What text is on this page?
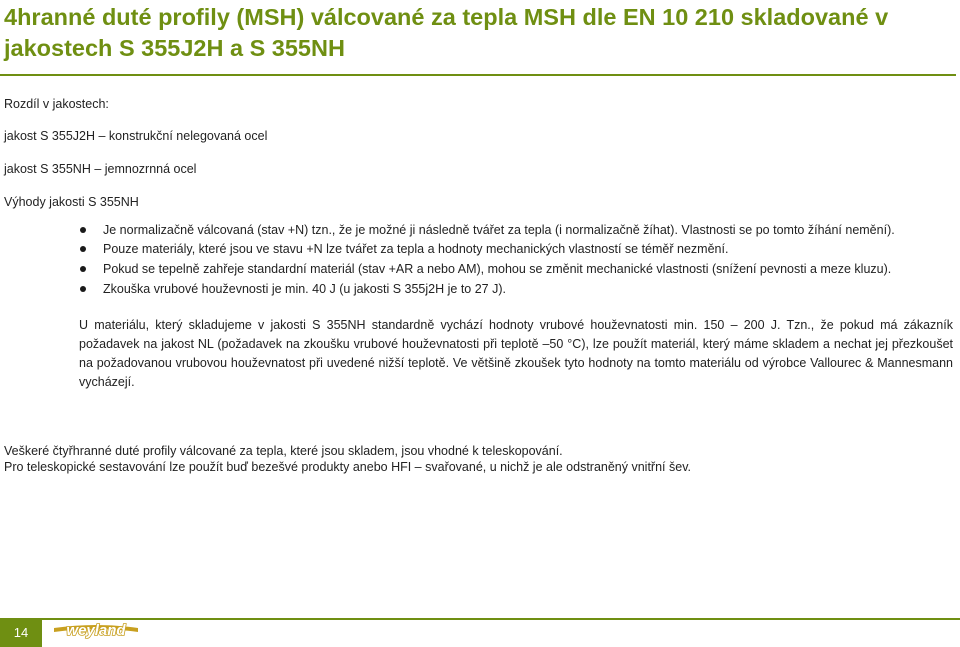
4hranné duté profily (MSH) válcované za tepla MSH dle EN 10 210 skladované v jakostech S 355J2H a S 355NH

Rozdíl v jakostech:

jakost S 355J2H – konstrukční nelegovaná ocel

jakost S 355NH – jemnozrnná ocel

Výhody jakosti S 355NH

Je normalizačně válcovaná (stav +N) tzn., že je možné ji následně tvářet za tepla (i normalizačně žíhat). Vlastnosti se po tomto žíhání nemění).
Pouze materiály, které jsou ve stavu +N lze tvářet za tepla a hodnoty mechanických vlastností se téměř nezmění.
Pokud se tepelně zahřeje standardní materiál (stav +AR a nebo AM), mohou se změnit mechanické vlastnosti (snížení pevnosti a meze kluzu).
Zkouška vrubové houževnosti je min. 40 J (u jakosti S 355j2H je to 27 J).

U materiálu, který skladujeme v jakosti S 355NH standardně vychází hodnoty vrubové houževnatosti min. 150 – 200 J. Tzn., že pokud má zákazník požadavek na jakost NL (požadavek na zkoušku vrubové houževnatosti při teplotě –50 °C), lze použít materiál, který máme skladem a nechat jej přezkoušet na požadovanou vrubovou houževnatost při uvedené nižší teplotě. Ve většině zkoušek tyto hodnoty na tomto materiálu od výrobce Vallourec & Mannesmann vycházejí.

Veškeré čtyřhranné duté profily válcované za tepla, které jsou skladem, jsou vhodné k teleskopování.

Pro teleskopické sestavování lze použít buď bezešvé produkty anebo HFI – svařované, u nichž je ale odstraněný vnitřní šev.

14	weyland
